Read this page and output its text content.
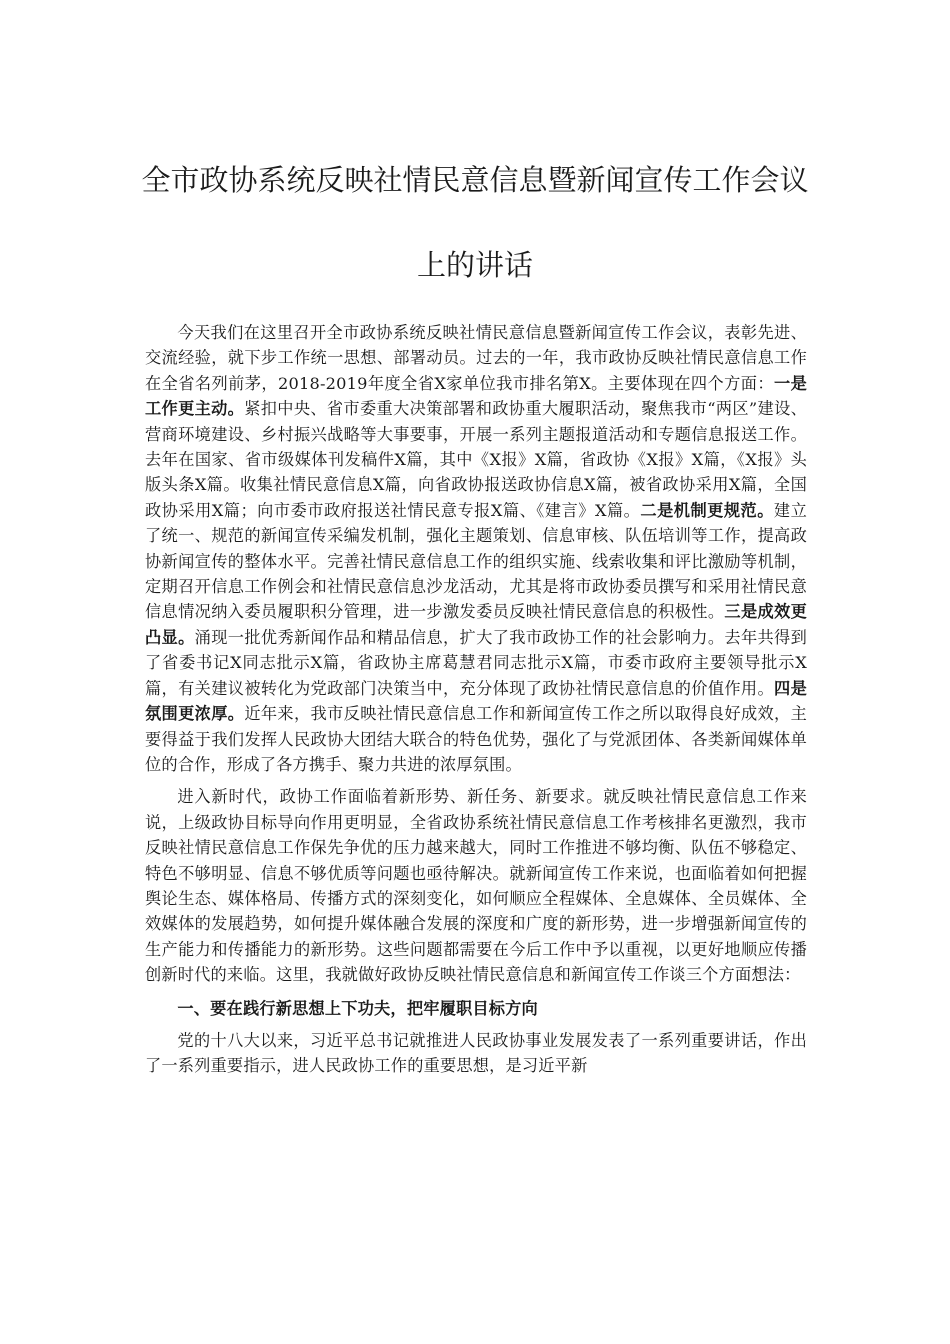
全市政协系统反映社情民意信息暨新闻宣传工作会议
上的讲话

今天我们在这里召开全市政协系统反映社情民意信息暨新闻宣传工作会议，表彰先进、交流经验，就下步工作统一思想、部署动员。过去的一年，我市政协反映社情民意信息工作在全省名列前茅，2018-2019年度全省X家单位我市排名第X。主要体现在四个方面：一是工作更主动。紧扣中央、省市委重大决策部署和政协重大履职活动，聚焦我市“两区”建设、营商环境建设、乡村振兴战略等大事要事，开展一系列主题报道活动和专题信息报送工作。去年在国家、省市级媒体刊发稿件X篇，其中《X报》X篇，省政协《X报》X篇，《X报》头版头条X篇。收集社情民意信息X篇，向省政协报送政协信息X篇，被省政协采用X篇，全国政协采用X篇；向市委市政府报送社情民意专报X篇、《建言》X篇。二是机制更规范。建立了统一、规范的新闻宣传采编发机制，强化主题策划、信息审核、队伍培训等工作，提高政协新闻宣传的整体水平。完善社情民意信息工作的组织实施、线索收集和评比激励等机制，定期召开信息工作例会和社情民意信息沙龙活动，尤其是将市政协委员撰写和采用社情民意信息情况纳入委员履职积分管理，进一步激发委员反映社情民意信息的积极性。三是成效更凸显。涌现一批优秀新闻作品和精品信息，扩大了我市政协工作的社会影响力。去年共得到了省委书记X同志批示X篇，省政协主席葛慧君同志批示X篇，市委市政府主要领导批示X篇，有关建议被转化为党政部门决策当中，充分体现了政协社情民意信息的价值作用。四是氛围更浓厚。近年来，我市反映社情民意信息工作和新闻宣传工作之所以取得良好成效，主要得益于我们发挥人民政协大团结大联合的特色优势，强化了与党派团体、各类新闻媒体单位的合作，形成了各方携手、聚力共进的浓厚氛围。

进入新时代，政协工作面临着新形势、新任务、新要求。就反映社情民意信息工作来说，上级政协目标导向作用更明显，全省政协系统社情民意信息工作考核排名更激烈，我市反映社情民意信息工作保先争优的压力越来越大，同时工作推进不够均衡、队伍不够稳定、特色不够明显、信息不够优质等问题也亟待解决。就新闻宣传工作来说，也面临着如何把握舆论生态、媒体格局、传播方式的深刻变化，如何顺应全程媒体、全息媒体、全员媒体、全效媒体的发展趋势，如何提升媒体融合发展的深度和广度的新形势，进一步增强新闻宣传的生产能力和传播能力的新形势。这些问题都需要在今后工作中予以重视，以更好地顺应传播创新时代的来临。这里，我就做好政协反映社情民意信息和新闻宣传工作谈三个方面想法：

一、要在践行新思想上下功夫，把牢履职目标方向

党的十八大以来，习近平总书记就推进人民政协事业发展发表了一系列重要讲话，作出了一系列重要指示，进人民政协工作的重要思想，是习近平新
